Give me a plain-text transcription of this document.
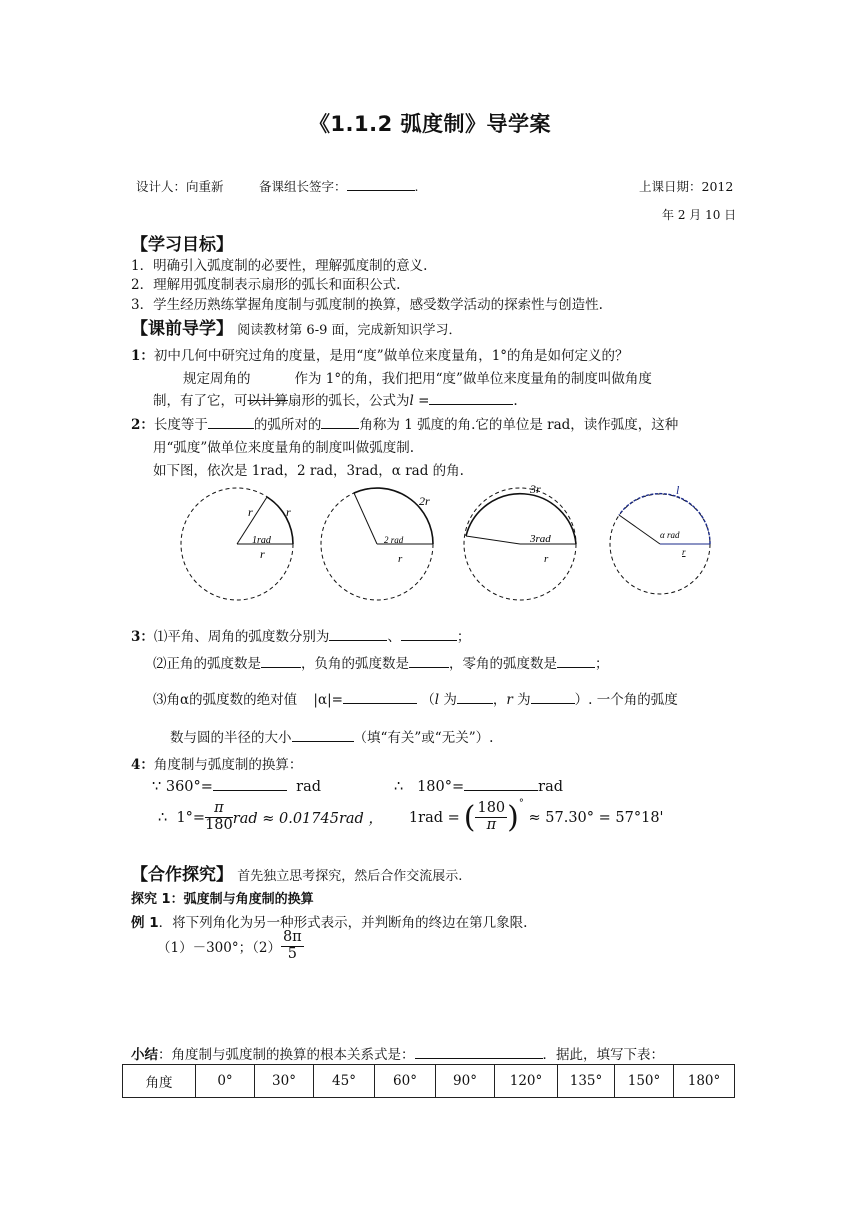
《1.1.2 弧度制》导学案
设计人：向重新	备课组长签字：	.	上课日期：2012
年 2 月 10 日
【学习目标】
1．明确引入弧度制的必要性，理解弧度制的意义.
2．理解用弧度制表示扇形的弧长和面积公式.
3．学生经历熟练掌握角度制与弧度制的换算，感受数学活动的探索性与创造性.
【课前导学】 阅读教材第 6-9 面，完成新知识学习．
1：初中几何中研究过角的度量，是用“度”做单位来度量角，1°的角是如何定义的？
规定周角的	作为 1°的角，我们把用“度”做单位来度量角的制度叫做角度
制，有了它，可以计算扇形的弧长，公式为l =	.
2：长度等于	的弧所对的	角称为 1 弧度的角.它的单位是 rad，读作弧度，这种
用“弧度”做单位来度量角的制度叫做弧度制.
如下图，依次是 1rad，2 rad，3rad，α rad 的角.
r	r
1rad
r
2r
2 rad
r
3r
3rad
r
l
α rad
r
3：⑴平角、周角的弧度数分别为	、	；
⑵正角的弧度数是	，负角的弧度数是	，零角的弧度数是	；
⑶角α的弧度数的绝对值 |α|=	（l 为	，r 为	）. 一个角的弧度
数与圆的半径的大小	（填“有关”或“无关”）.
4：角度制与弧度制的换算：
∵ 360°=	rad	∴ 180°=	rad
∴
$1^\circ= \frac{\pi}{180}$ rad ≈ 0.01745rad ， 1rad = ( $\frac{180}{\pi}$ ) °

≈ 57.30° = 57°18'
【合作探究】 首先独立思考探究，然后合作交流展示.
探究 1：弧度制与角度制的换算
例 1．将下列角化为另一种形式表示，并判断角的终边在第几象限.
（1）－300°；$(2) \frac{8\pi}{5}$
小结：角度制与弧度制的换算的根本关系式是：	．据此，填写下表：
角度	0°	30°	45°	60°	90°	120°	135°	150°	180°
